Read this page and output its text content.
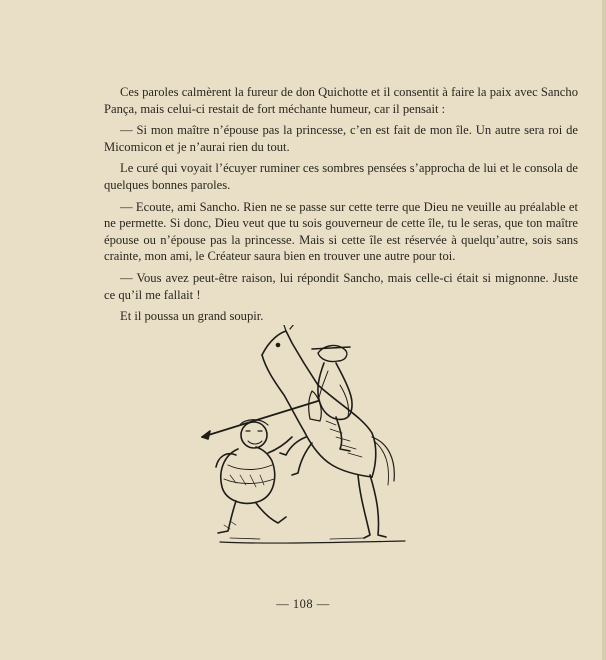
Ces paroles calmèrent la fureur de don Quichotte et il consentit à faire la paix avec Sancho Pança, mais celui-ci restait de fort méchante humeur, car il pensait :

— Si mon maître n’épouse pas la princesse, c’en est fait de mon île. Un autre sera roi de Micomicon et je n’aurai rien du tout.

Le curé qui voyait l’écuyer ruminer ces sombres pensées s’approcha de lui et le consola de quelques bonnes paroles.

— Ecoute, ami Sancho. Rien ne se passe sur cette terre que Dieu ne veuille au préalable et ne permette. Si donc, Dieu veut que tu sois gouverneur de cette île, tu le seras, que ton maître épouse ou n’épouse pas la princesse. Mais si cette île est réservée à quelqu’autre, sois sans crainte, mon ami, le Créateur saura bien en trouver une autre pour toi.

— Vous avez peut-être raison, lui répondit Sancho, mais celle-ci était si mignonne. Juste ce qu’il me fallait !

Et il poussa un grand soupir.

— 108 —
